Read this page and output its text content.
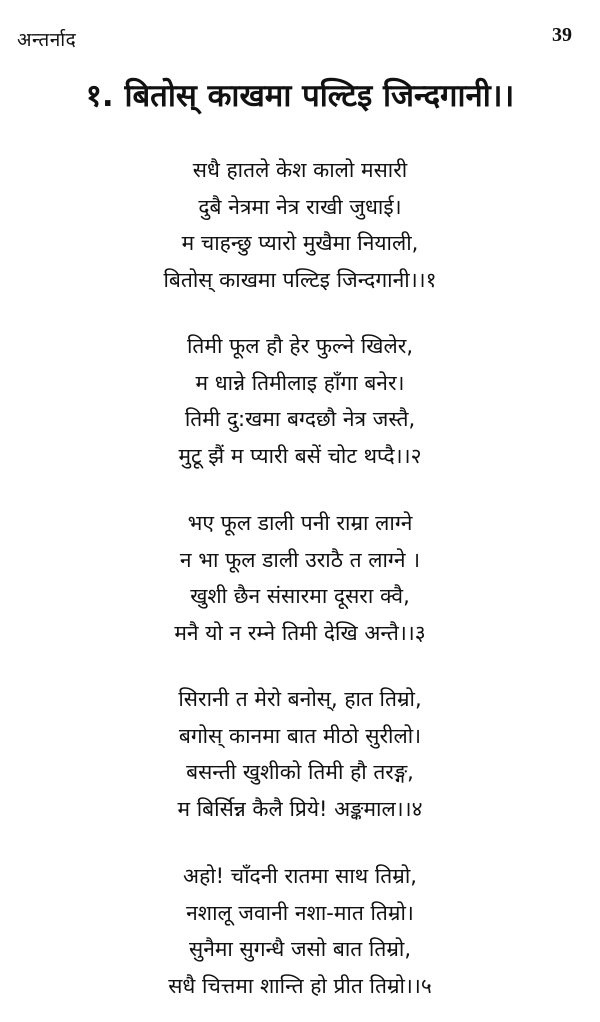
अन्तर्नाद	39
१. बितोस् काखमा पल्टिइ जिन्दगानी।।
सधै हातले केश कालो मसारी
दुबै नेत्रमा नेत्र राखी जुधाई।
म चाहन्छु प्यारो मुखैमा नियाली,
बितोस् काखमा पल्टिइ जिन्दगानी।।१
तिमी फूल हौ हेर फुल्ने खिलेर,
म धान्ने तिमीलाइ हाँगा बनेर।
तिमी दु:खमा बग्दछौ नेत्र जस्तै,
मुटू झैं म प्यारी बसें चोट थप्दै।।२
भए फूल डाली पनी राम्रा लाग्ने
न भा फूल डाली उराठै त लाग्ने ।
खुशी छैन संसारमा दूसरा क्वै,
मनै यो न रम्ने तिमी देखि अन्तै।।३
सिरानी त मेरो बनोस्, हात तिम्रो,
बगोस् कानमा बात मीठो सुरीलो।
बसन्ती खुशीको तिमी हौ तरङ्ग,
म बिर्सिन्न कैलै प्रिये! अङ्कमाल।।४
अहो! चाँदनी रातमा साथ तिम्रो,
नशालू जवानी नशा-मात तिम्रो।
सुनैमा सुगन्धै जसो बात तिम्रो,
सधै चित्तमा शान्ति हो प्रीत तिम्रो।।५
